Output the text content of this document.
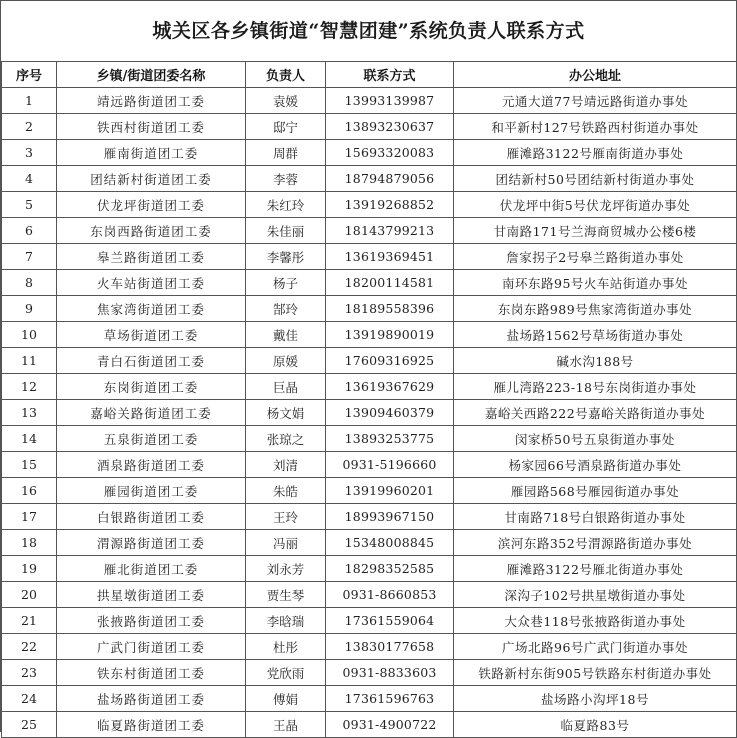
城关区各乡镇街道“智慧团建”系统负责人联系方式
序号	乡镇/街道团委名称	负责人	联系方式	办公地址
1	靖远路街道团工委	袁媛	13993139987	元通大道77号靖远路街道办事处
2	铁西村街道团工委	邸宁	13893230637	和平新村127号铁路西村街道办事处
3	雁南街道团工委	周群	15693320083	雁滩路3122号雁南街道办事处
4	团结新村街道团工委	李蓉	18794879056	团结新村50号团结新村街道办事处
5	伏龙坪街道团工委	朱红玲	13919268852	伏龙坪中街5号伏龙坪街道办事处
6	东岗西路街道团工委	朱佳丽	18143799213	甘南路171号兰海商贸城办公楼6楼
7	皋兰路街道团工委	李馨彤	13619369451	詹家拐子2号皋兰路街道办事处
8	火车站街道团工委	杨子	18200114581	南环东路95号火车站街道办事处
9	焦家湾街道团工委	郜玲	18189558396	东岗东路989号焦家湾街道办事处
10	草场街道团工委	戴佳	13919890019	盐场路1562号草场街道办事处
11	青白石街道团工委	原媛	17609316925	碱水沟188号
12	东岗街道团工委	巨晶	13619367629	雁儿湾路223-18号东岗街道办事处
13	嘉峪关路街道团工委	杨文娟	13909460379	嘉峪关西路222号嘉峪关路街道办事处
14	五泉街道团工委	张琼之	13893253775	闵家桥50号五泉街道办事处
15	酒泉路街道团工委	刘清	0931-5196660	杨家园66号酒泉路街道办事处
16	雁园街道团工委	朱皓	13919960201	雁园路568号雁园街道办事处
17	白银路街道团工委	王玲	18993967150	甘南路718号白银路街道办事处
18	渭源路街道团工委	冯丽	15348008845	滨河东路352号渭源路街道办事处
19	雁北街道团工委	刘永芳	18298352585	雁滩路3122号雁北街道办事处
20	拱星墩街道团工委	贾生琴	0931-8660853	深沟子102号拱星墩街道办事处
21	张掖路街道团工委	李晗瑞	17361559064	大众巷118号张掖路街道办事处
22	广武门街道团工委	杜彤	13830177658	广场北路96号广武门街道办事处
23	铁东村街道团工委	党欣雨	0931-8833603	铁路新村东街905号铁路东村街道办事处
24	盐场路街道团工委	傅娟	17361596763	盐场路小沟坪18号
25	临夏路街道团工委	王晶	0931-4900722	临夏路83号
